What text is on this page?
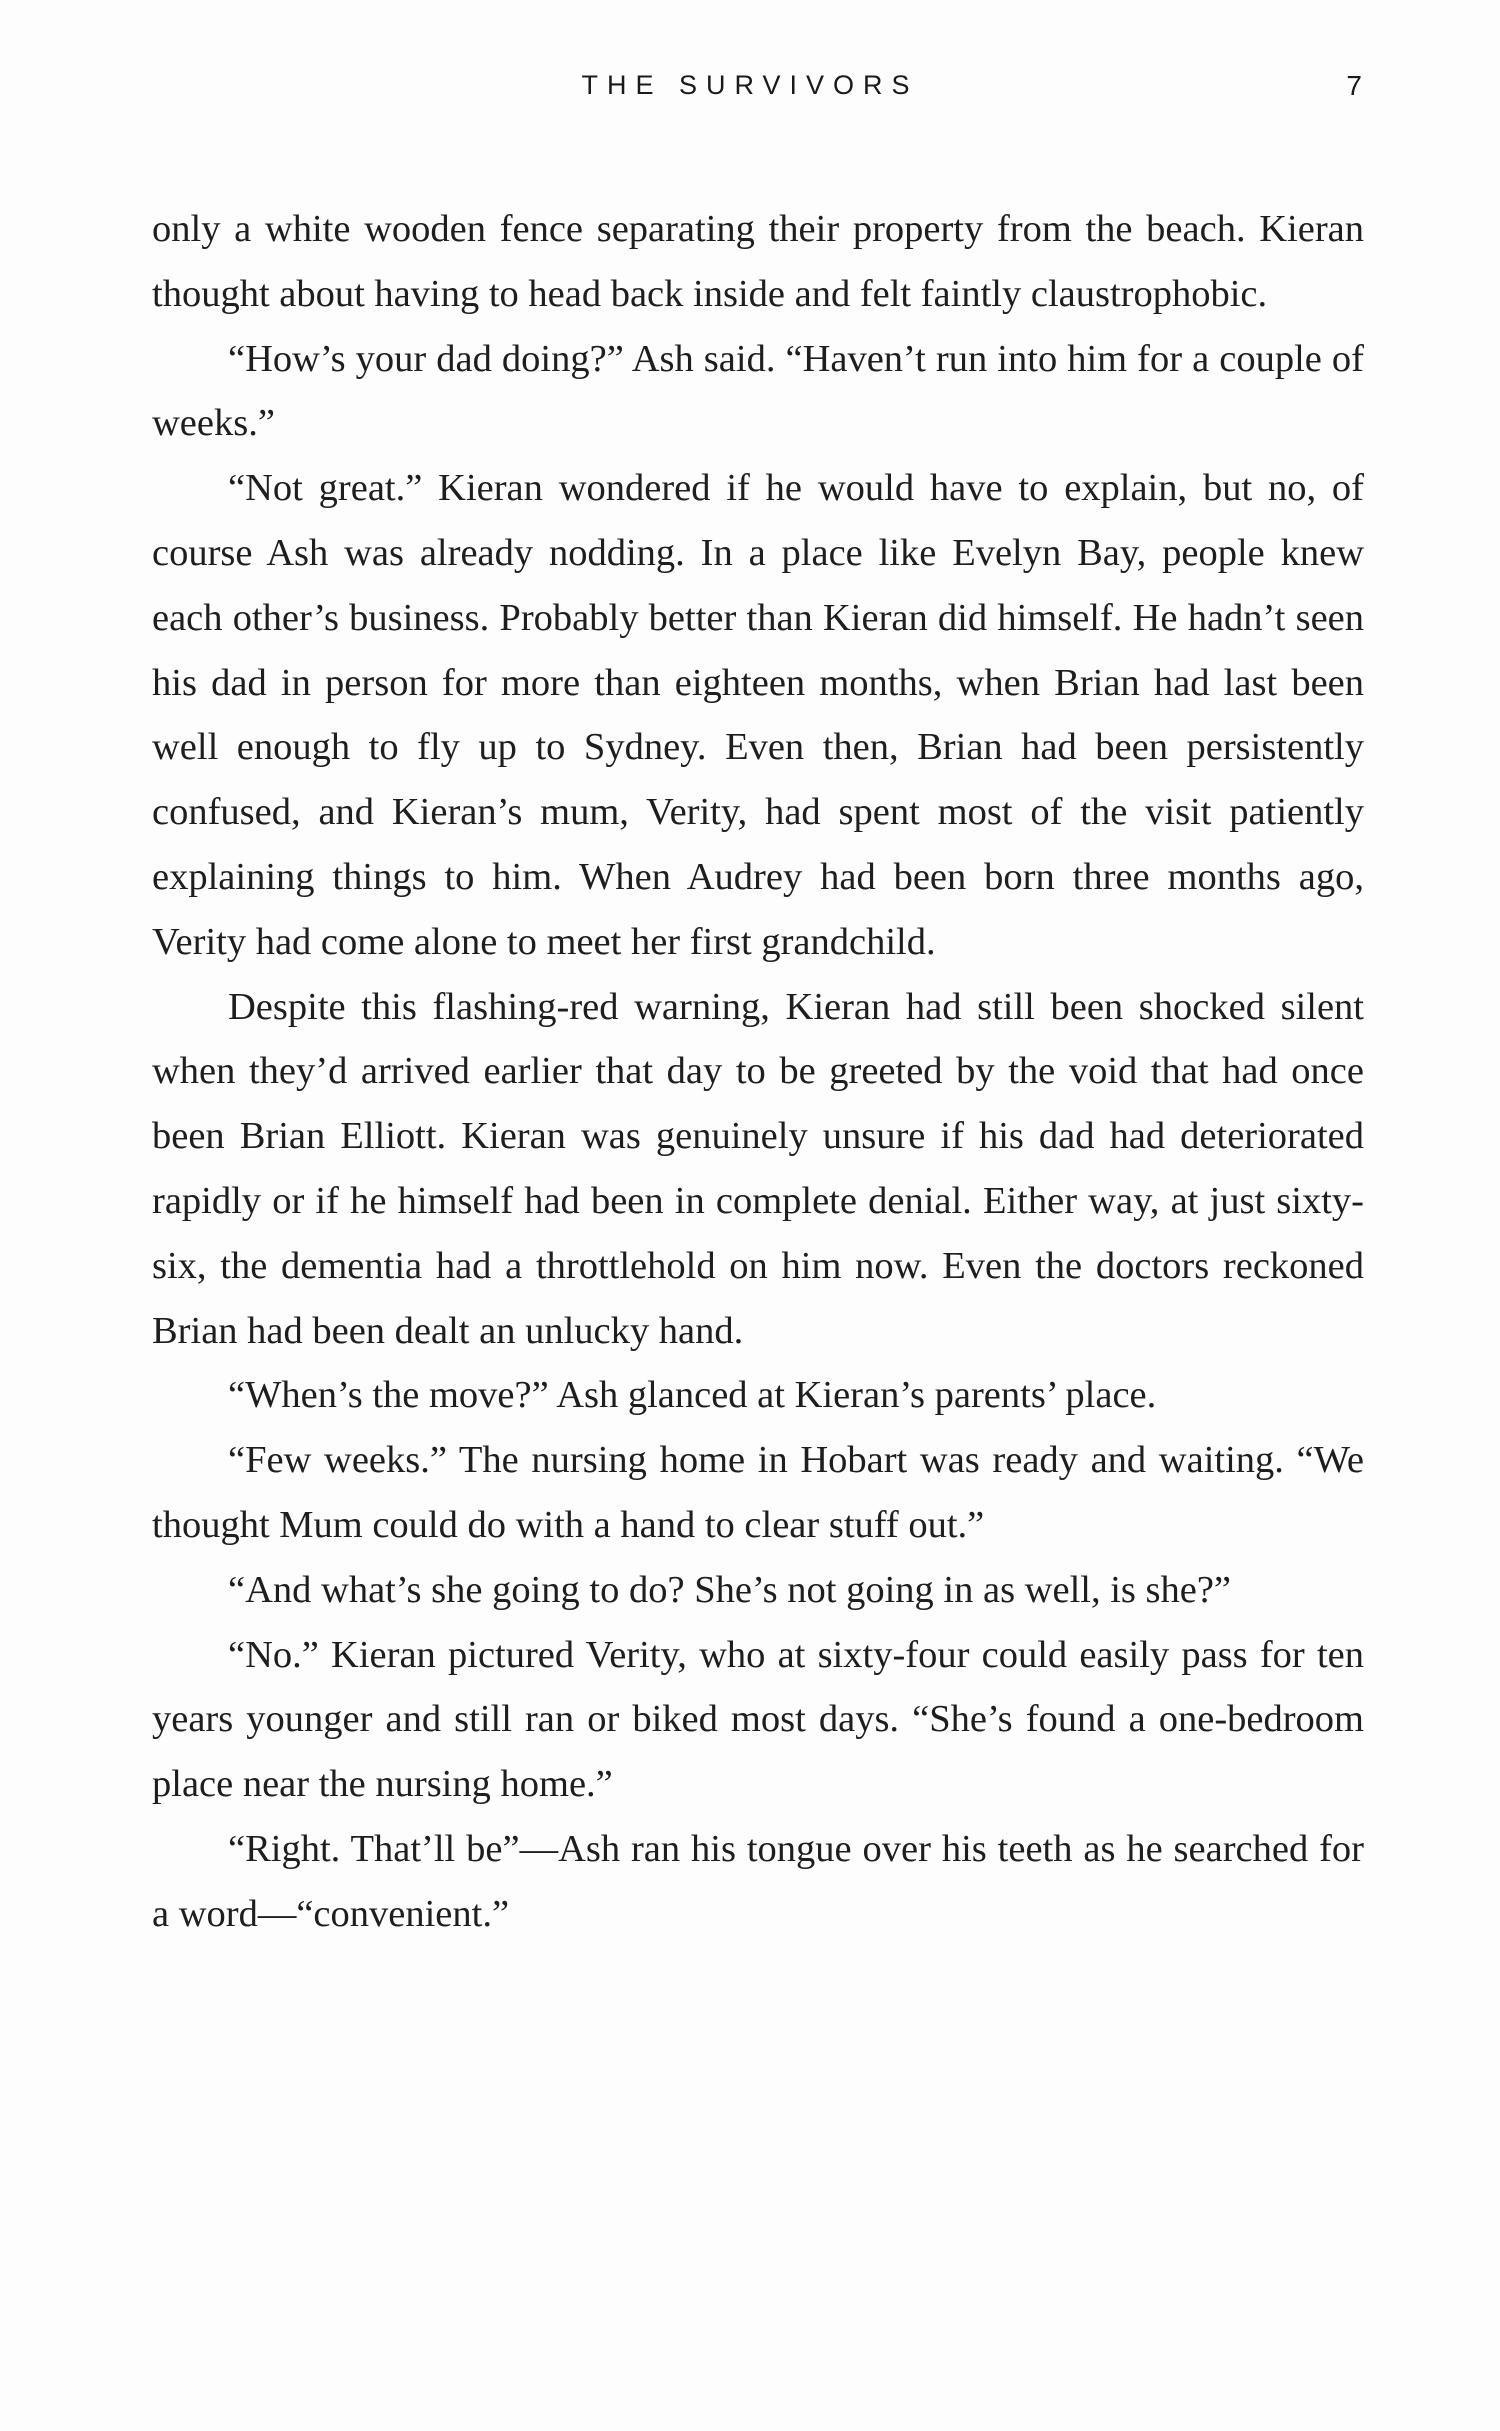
THE SURVIVORS	7

only a white wooden fence separating their property from the beach. Kieran thought about having to head back inside and felt faintly claustrophobic.

“How’s your dad doing?” Ash said. “Haven’t run into him for a couple of weeks.”

“Not great.” Kieran wondered if he would have to explain, but no, of course Ash was already nodding. In a place like Evelyn Bay, people knew each other’s business. Probably better than Kieran did himself. He hadn’t seen his dad in person for more than eighteen months, when Brian had last been well enough to fly up to Sydney. Even then, Brian had been persistently confused, and Kieran’s mum, Verity, had spent most of the visit patiently explaining things to him. When Audrey had been born three months ago, Verity had come alone to meet her first grandchild.

Despite this flashing-red warning, Kieran had still been shocked silent when they’d arrived earlier that day to be greeted by the void that had once been Brian Elliott. Kieran was genuinely unsure if his dad had deteriorated rapidly or if he himself had been in complete denial. Either way, at just sixty-six, the dementia had a throttlehold on him now. Even the doctors reckoned Brian had been dealt an unlucky hand.

“When’s the move?” Ash glanced at Kieran’s parents’ place.

“Few weeks.” The nursing home in Hobart was ready and waiting. “We thought Mum could do with a hand to clear stuff out.”

“And what’s she going to do? She’s not going in as well, is she?”

“No.” Kieran pictured Verity, who at sixty-four could easily pass for ten years younger and still ran or biked most days. “She’s found a one-bedroom place near the nursing home.”

“Right. That’ll be”—Ash ran his tongue over his teeth as he searched for a word—“convenient.”
